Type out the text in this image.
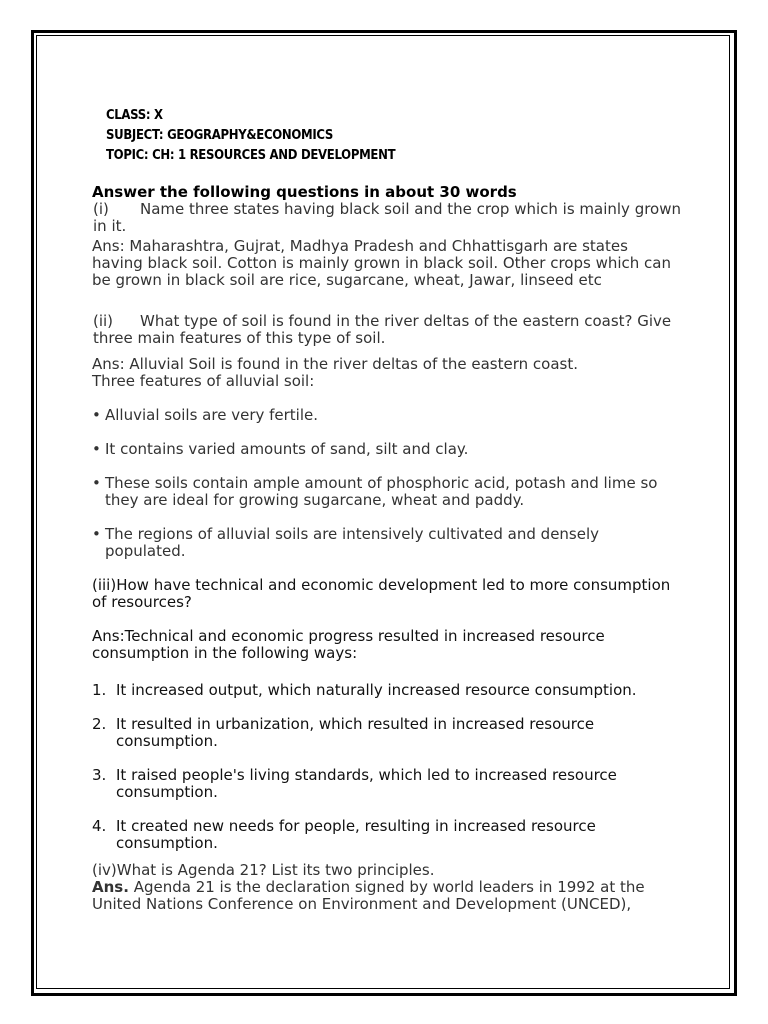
CLASS: X
SUBJECT: GEOGRAPHY&ECONOMICS
TOPIC: CH: 1 RESOURCES AND DEVELOPMENT
Answer the following questions in about 30 words

(i) Name three states having black soil and the crop which is mainly grown in it.

Ans: Maharashtra, Gujrat, Madhya Pradesh and Chhattisgarh are states having black soil. Cotton is mainly grown in black soil. Other crops which can be grown in black soil are rice, sugarcane, wheat, Jawar, linseed etc

(ii) What type of soil is found in the river deltas of the eastern coast? Give three main features of this type of soil.

Ans: Alluvial Soil is found in the river deltas of the eastern coast.

Three features of alluvial soil:

• Alluvial soils are very fertile.
• It contains varied amounts of sand, silt and clay.
• These soils contain ample amount of phosphoric acid, potash and lime so they are ideal for growing sugarcane, wheat and paddy.
• The regions of alluvial soils are intensively cultivated and densely populated.

(iii)How have technical and economic development led to more consumption of resources?

Ans:Technical and economic progress resulted in increased resource consumption in the following ways:

1. It increased output, which naturally increased resource consumption.
2. It resulted in urbanization, which resulted in increased resource consumption.
3. It raised people's living standards, which led to increased resource consumption.
4. It created new needs for people, resulting in increased resource consumption.

(iv)What is Agenda 21? List its two principles.

Ans. Agenda 21 is the declaration signed by world leaders in 1992 at the United Nations Conference on Environment and Development (UNCED),
